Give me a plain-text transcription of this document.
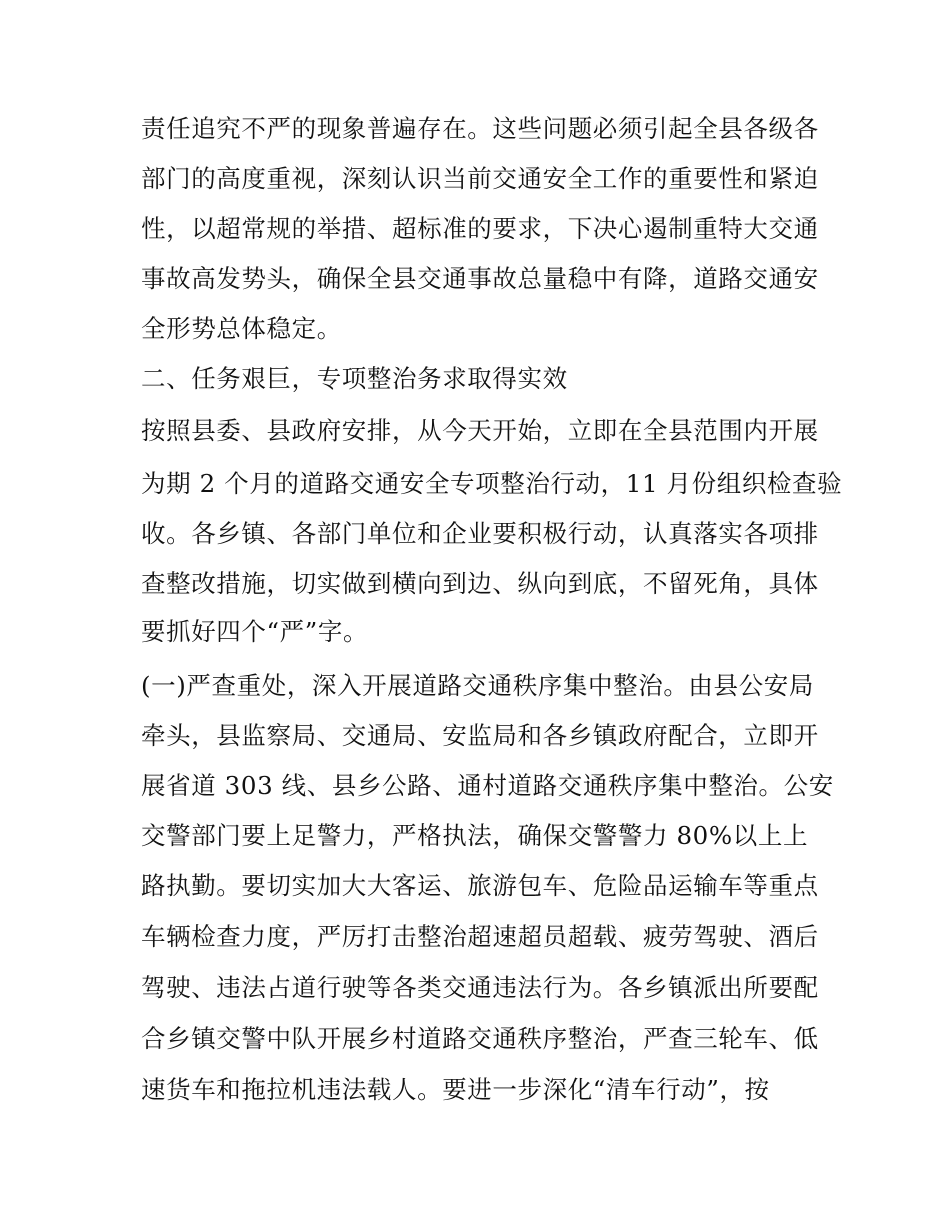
责任追究不严的现象普遍存在。这些问题必须引起全县各级各
部门的高度重视，深刻认识当前交通安全工作的重要性和紧迫
性，以超常规的举措、超标准的要求，下决心遏制重特大交通
事故高发势头，确保全县交通事故总量稳中有降，道路交通安
全形势总体稳定。
二、任务艰巨，专项整治务求取得实效
按照县委、县政府安排，从今天开始，立即在全县范围内开展
为期 2 个月的道路交通安全专项整治行动，11 月份组织检查验
收。各乡镇、各部门单位和企业要积极行动，认真落实各项排
查整改措施，切实做到横向到边、纵向到底，不留死角，具体
要抓好四个“严”字。
(一)严查重处，深入开展道路交通秩序集中整治。由县公安局
牵头，县监察局、交通局、安监局和各乡镇政府配合，立即开
展省道 303 线、县乡公路、通村道路交通秩序集中整治。公安
交警部门要上足警力，严格执法，确保交警警力 80%以上上
路执勤。要切实加大大客运、旅游包车、危险品运输车等重点
车辆检查力度，严厉打击整治超速超员超载、疲劳驾驶、酒后
驾驶、违法占道行驶等各类交通违法行为。各乡镇派出所要配
合乡镇交警中队开展乡村道路交通秩序整治，严查三轮车、低
速货车和拖拉机违法载人。要进一步深化“清车行动”，按
